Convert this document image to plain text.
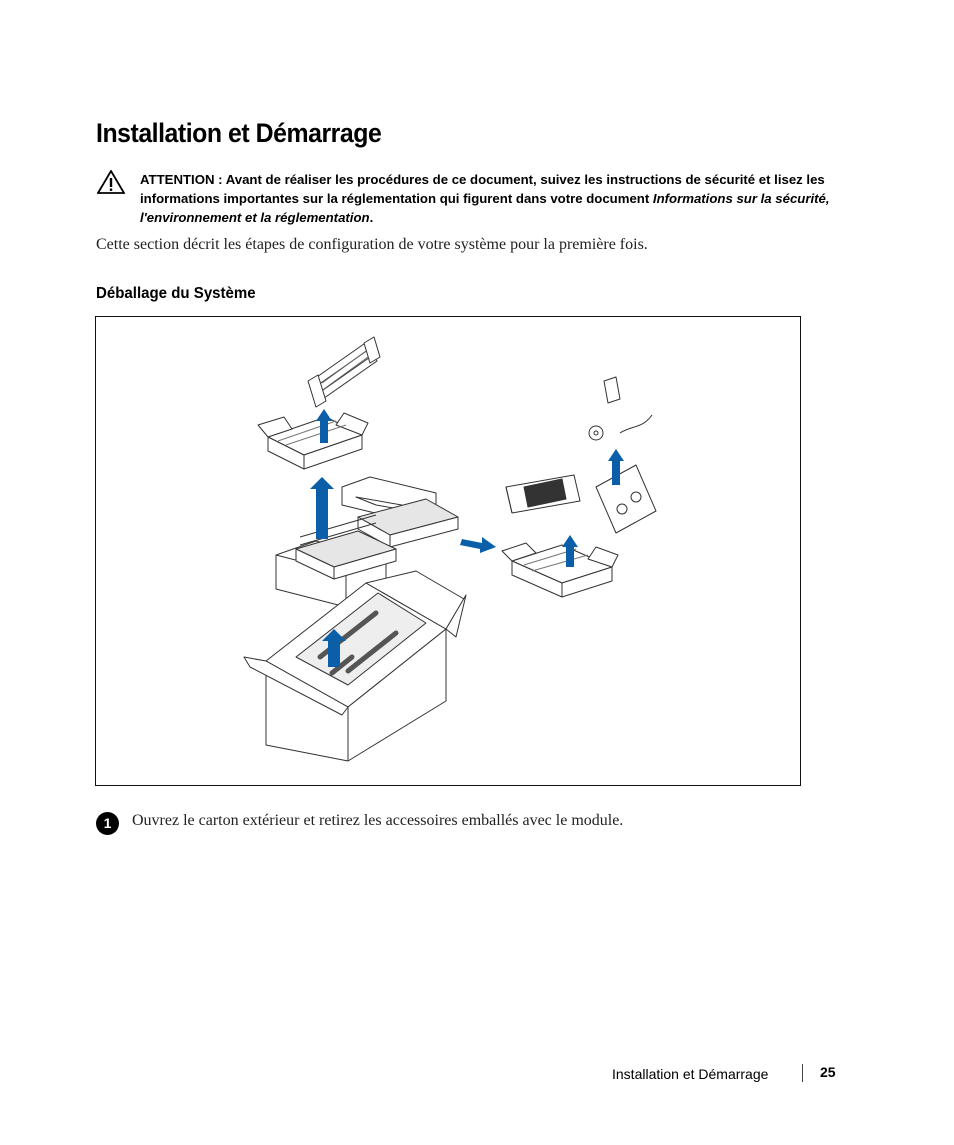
Installation et Démarrage
ATTENTION : Avant de réaliser les procédures de ce document, suivez les instructions de sécurité et lisez les informations importantes sur la réglementation qui figurent dans votre document Informations sur la sécurité, l'environnement et la réglementation.
Cette section décrit les étapes de configuration de votre système pour la première fois.
Déballage du Système
1	Ouvrez le carton extérieur et retirez les accessoires emballés avec le module.
Installation et Démarrage	25
